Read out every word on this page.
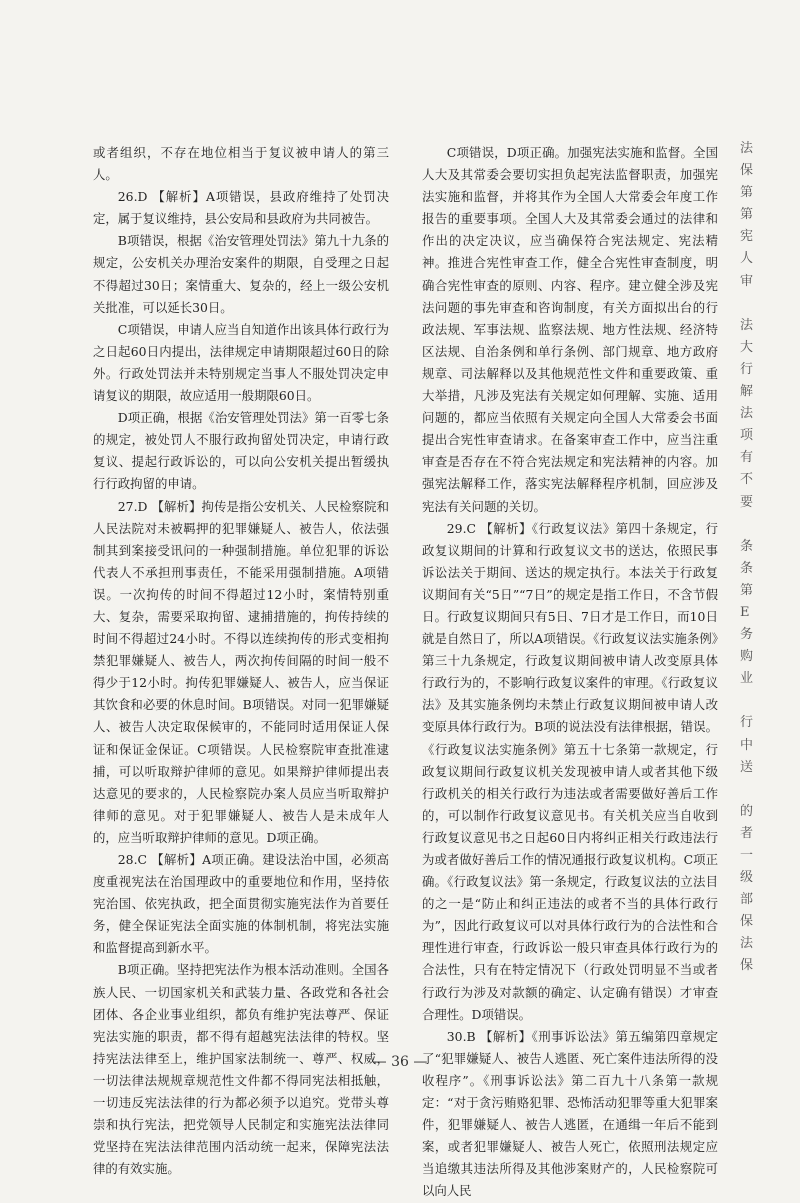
或者组织，不存在地位相当于复议被申请人的第三人。

26.D 【解析】A项错误，县政府维持了处罚决定，属于复议维持，县公安局和县政府为共同被告。

B项错误，根据《治安管理处罚法》第九十九条的规定，公安机关办理治安案件的期限，自受理之日起不得超过30日；案情重大、复杂的，经上一级公安机关批准，可以延长30日。

C项错误，申请人应当自知道作出该具体行政行为之日起60日内提出，法律规定申请期限超过60日的除外。行政处罚法并未特别规定当事人不服处罚决定申请复议的期限，故应适用一般期限60日。

D项正确，根据《治安管理处罚法》第一百零七条的规定，被处罚人不服行政拘留处罚决定，申请行政复议、提起行政诉讼的，可以向公安机关提出暂缓执行行政拘留的申请。

27.D 【解析】拘传是指公安机关、人民检察院和人民法院对未被羁押的犯罪嫌疑人、被告人，依法强制其到案接受讯问的一种强制措施。单位犯罪的诉讼代表人不承担刑事责任，不能采用强制措施。A项错误。一次拘传的时间不得超过12小时，案情特别重大、复杂，需要采取拘留、逮捕措施的，拘传持续的时间不得超过24小时。不得以连续拘传的形式变相拘禁犯罪嫌疑人、被告人，两次拘传间隔的时间一般不得少于12小时。拘传犯罪嫌疑人、被告人，应当保证其饮食和必要的休息时间。B项错误。对同一犯罪嫌疑人、被告人决定取保候审的，不能同时适用保证人保证和保证金保证。C项错误。人民检察院审查批准逮捕，可以听取辩护律师的意见。如果辩护律师提出表达意见的要求的，人民检察院办案人员应当听取辩护律师的意见。对于犯罪嫌疑人、被告人是未成年人的，应当听取辩护律师的意见。D项正确。

28.C 【解析】A项正确。建设法治中国，必须高度重视宪法在治国理政中的重要地位和作用，坚持依宪治国、依宪执政，把全面贯彻实施宪法作为首要任务，健全保证宪法全面实施的体制机制，将宪法实施和监督提高到新水平。

B项正确。坚持把宪法作为根本活动准则。全国各族人民、一切国家机关和武装力量、各政党和各社会团体、各企业事业组织，都负有维护宪法尊严、保证宪法实施的职责，都不得有超越宪法法律的特权。坚持宪法法律至上，维护国家法制统一、尊严、权威，一切法律法规规章规范性文件都不得同宪法相抵触，一切违反宪法法律的行为都必须予以追究。党带头尊崇和执行宪法，把党领导人民制定和实施宪法法律同党坚持在宪法法律范围内活动统一起来，保障宪法法律的有效实施。

C项错误，D项正确。加强宪法实施和监督。全国人大及其常委会要切实担负起宪法监督职责，加强宪法实施和监督，并将其作为全国人大常委会年度工作报告的重要事项。全国人大及其常委会通过的法律和作出的决定决议，应当确保符合宪法规定、宪法精神。推进合宪性审查工作，健全合宪性审查制度，明确合宪性审查的原则、内容、程序。建立健全涉及宪法问题的事先审查和咨询制度，有关方面拟出台的行政法规、军事法规、监察法规、地方性法规、经济特区法规、自治条例和单行条例、部门规章、地方政府规章、司法解释以及其他规范性文件和重要政策、重大举措，凡涉及宪法有关规定如何理解、实施、适用问题的，都应当依照有关规定向全国人大常委会书面提出合宪性审查请求。在备案审查工作中，应当注重审查是否存在不符合宪法规定和宪法精神的内容。加强宪法解释工作，落实宪法解释程序机制，回应涉及宪法有关问题的关切。

29.C 【解析】《行政复议法》第四十条规定，行政复议期间的计算和行政复议文书的送达，依照民事诉讼法关于期间、送达的规定执行。本法关于行政复议期间有关“5日”“7日”的规定是指工作日，不含节假日。行政复议期间只有5日、7日才是工作日，而10日就是自然日了，所以A项错误。《行政复议法实施条例》第三十九条规定，行政复议期间被申请人改变原具体行政行为的，不影响行政复议案件的审理。《行政复议法》及其实施条例均未禁止行政复议期间被申请人改变原具体行政行为。B项的说法没有法律根据，错误。《行政复议法实施条例》第五十七条第一款规定，行政复议期间行政复议机关发现被申请人或者其他下级行政机关的相关行政行为违法或者需要做好善后工作的，可以制作行政复议意见书。有关机关应当自收到行政复议意见书之日起60日内将纠正相关行政违法行为或者做好善后工作的情况通报行政复议机构。C项正确。《行政复议法》第一条规定，行政复议法的立法目的之一是“防止和纠正违法的或者不当的具体行政行为”，因此行政复议可以对具体行政行为的合法性和合理性进行审查，行政诉讼一般只审查具体行政行为的合法性，只有在特定情况下（行政处罚明显不当或者行政行为涉及对款额的确定、认定确有错误）才审查合理性。D项错误。

30.B 【解析】《刑事诉讼法》第五编第四章规定了“犯罪嫌疑人、被告人逃匿、死亡案件违法所得的没收程序”。《刑事诉讼法》第二百九十八条第一款规定：“对于贪污贿赂犯罪、恐怖活动犯罪等重大犯罪案件，犯罪嫌疑人、被告人逃匿，在通缉一年后不能到案，或者犯罪嫌疑人、被告人死亡，依照刑法规定应当追缴其违法所得及其他涉案财产的，人民检察院可以向人民

法
保
第
第
宪
人
审

法
大
行
解
法
项
有
不
要

条
条
第
E
务
购
业

行
中
送

的
者
一
级
部
保
法
保
— 36 —
